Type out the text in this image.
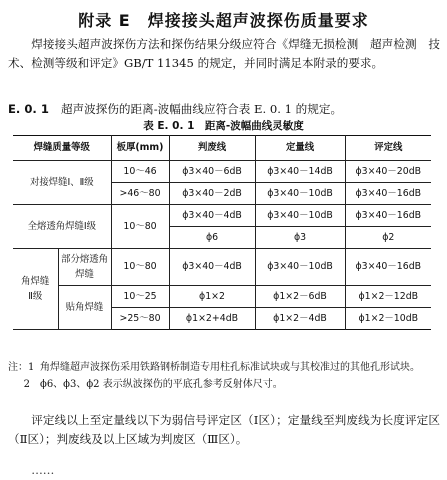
附录 E　焊接接头超声波探伤质量要求

焊接接头超声波探伤方法和探伤结果分级应符合《焊缝无损检测　超声检测　技术、检测等级和评定》GB/T 11345 的规定，并同时满足本附录的要求。

E. 0. 1 超声波探伤的距离-波幅曲线应符合表 E. 0. 1 的规定。
表 E. 0. 1　距离-波幅曲线灵敏度
焊缝质量等级		板厚(mm)	判废线	定量线	评定线
对接焊缝Ⅰ、Ⅱ级		10～46	ϕ3×40－6dB	ϕ3×40－14dB	ϕ3×40－20dB
		>46～80	ϕ3×40－2dB	ϕ3×40－10dB	ϕ3×40－16dB
全熔透角焊缝Ⅰ级		10～80	ϕ3×40－4dB	ϕ3×40－10dB	ϕ3×40－16dB
			ϕ6	ϕ3	ϕ2
角焊缝
Ⅱ级	部分熔透角焊缝	10～80	ϕ3×40－4dB	ϕ3×40－10dB	ϕ3×40－16dB
	贴角焊缝	10～25	ϕ1×2	ϕ1×2－6dB	ϕ1×2－12dB
		>25～80	ϕ1×2+4dB	ϕ1×2－4dB	ϕ1×2－10dB
注：1 角焊缝超声波探伤采用铁路钢桥制造专用柱孔标准试块或与其校准过的其他孔形试块。
2	ϕ6、ϕ3、ϕ2 表示纵波探伤的平底孔参考反射体尺寸。

评定线以上至定量线以下为弱信号评定区（Ⅰ区）；定量线至判废线为长度评定区（Ⅱ区）；判废线及以上区域为判废区（Ⅲ区）。

……
